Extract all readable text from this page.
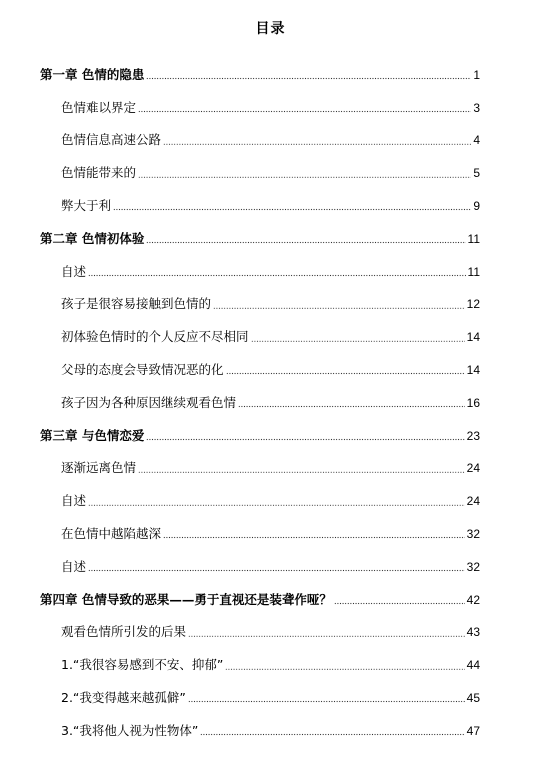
目录
第一章 色情的隐患	1
色情难以界定	3
色情信息高速公路	4
色情能带来的	5
弊大于利	9
第二章 色情初体验	11
自述	11
孩子是很容易接触到色情的	12
初体验色情时的个人反应不尽相同	14
父母的态度会导致情况恶的化	14
孩子因为各种原因继续观看色情	16
第三章 与色情恋爱	23
逐渐远离色情	24
自述	24
在色情中越陷越深	32
自述	32
第四章 色情导致的恶果——勇于直视还是装聋作哑？	42
观看色情所引发的后果	43
1.“我很容易感到不安、抑郁”	44
2.“我变得越来越孤僻”	45
3.“我将他人视为性物体”	47
